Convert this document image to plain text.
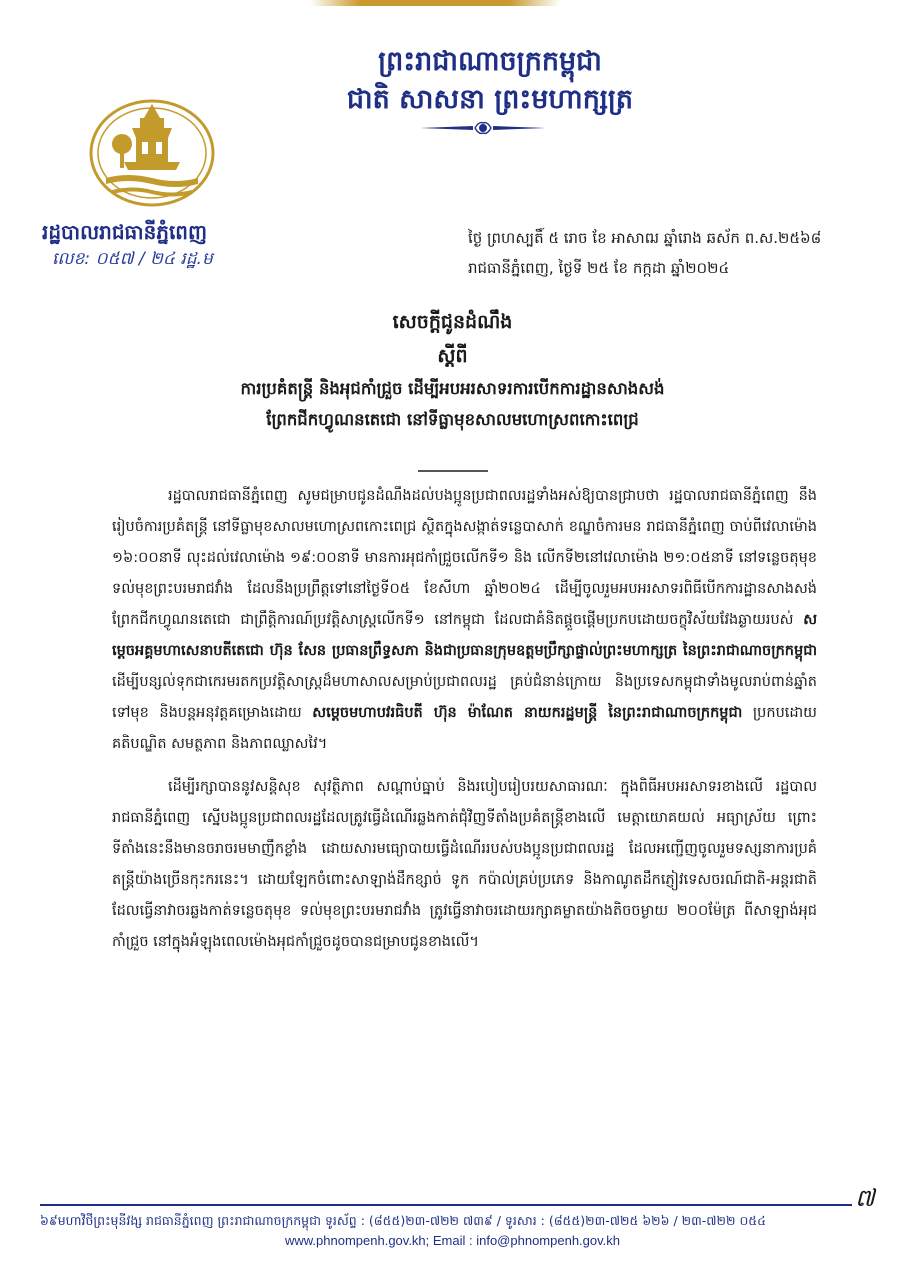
ព្រះរាជាណាចក្រកម្ពុជា
ជាតិ សាសនា ព្រះមហាក្សត្រ
រដ្ឋបាលរាជធានីភ្នំពេញ
លេខ: ០៥៧ / ២៤ រដ្ឋ.ម
ថ្ងៃ ព្រហស្បតិ៍ ៥ រោច ខែ អាសាឍ ឆ្នាំរោង ឆស័ក ព.ស.២៥៦៨
រាជធានីភ្នំពេញ, ថ្ងៃទី ២៥ ខែ កក្កដា ឆ្នាំ២០២៤
សេចក្តីជូនដំណឹង
ស្តីពី
ការប្រគំតន្ត្រី និងអុជកាំជ្រួច ដើម្បីអបអរសាទរការបើកការដ្ឋានសាងសង់
ព្រែកជីកហ្វូណនតេជោ នៅទីធ្លាមុខសាលមហោស្រពកោះពេជ្រ

រដ្ឋបាលរាជធានីភ្នំពេញ សូមជម្រាបជូនដំណឹងដល់បងប្អូនប្រជាពលរដ្ឋទាំងអស់ឱ្យបានជ្រាបថា រដ្ឋបាលរាជធានីភ្នំពេញ នឹងរៀបចំការប្រគំតន្ត្រី នៅទីធ្លាមុខសាលមហោស្រពកោះពេជ្រ ស្ថិតក្នុងសង្កាត់ទន្លេបាសាក់ ខណ្ឌចំការមន រាជធានីភ្នំពេញ ចាប់ពីវេលាម៉ោង ១៦:០០នាទី លុះដល់វេលាម៉ោង ១៩:០០នាទី មានការអុជកាំជ្រួចលើកទី១ និង លើកទី២នៅវេលាម៉ោង ២១:០៥នាទី នៅទន្លេចតុមុខ ទល់មុខព្រះបរមរាជវាំង ដែលនឹងប្រព្រឹត្តទៅនៅថ្ងៃទី០៥ ខែសីហា ឆ្នាំ២០២៤ ដើម្បីចូលរួមអបអរសាទរពិធីបើកការដ្ឋានសាងសង់ព្រែកជីកហ្វូណនតេជោ ជាព្រឹត្តិការណ៍ប្រវត្តិសាស្ត្រលើកទី១ នៅកម្ពុជា ដែលជាគំនិតផ្តួចផ្តើមប្រកបដោយចក្ខុវិស័យវែងឆ្ងាយរបស់ សម្តេចអគ្គមហាសេនាបតីតេជោ ហ៊ុន សែន ប្រធានព្រឹទ្ធសភា និងជាប្រធានក្រុមឧត្តមប្រឹក្សាផ្ទាល់ព្រះមហាក្សត្រ នៃព្រះរាជាណាចក្រកម្ពុជា ដើម្បីបន្សល់ទុកជាកេរមរតកប្រវត្តិសាស្ត្រដ៏មហាសាលសម្រាប់ប្រជាពលរដ្ឋ គ្រប់ជំនាន់ក្រោយ និងប្រទេសកម្ពុជាទាំងមូលរាប់ពាន់ឆ្នាំតទៅមុខ និងបន្តអនុវត្តគម្រោងដោយ សម្តេចមហាបវរធិបតី ហ៊ុន ម៉ាណែត នាយករដ្ឋមន្ត្រី នៃព្រះរាជាណាចក្រកម្ពុជា ប្រកបដោយគតិបណ្ឌិត សមត្ថភាព និងភាពឈ្លាសវៃ។

ដើម្បីរក្សាបាននូវសន្តិសុខ សុវត្ថិភាព សណ្តាប់ធ្នាប់ និងរបៀបរៀបរយសាធារណៈ ក្នុងពិធីអបអរសាទរខាងលើ រដ្ឋបាលរាជធានីភ្នំពេញ ស្នើបងប្អូនប្រជាពលរដ្ឋដែលត្រូវធ្វើដំណើរឆ្លងកាត់ជុំវិញទីតាំងប្រគំតន្ត្រីខាងលើ មេត្តាយោគយល់ អធ្យាស្រ័យ ព្រោះទីតាំងនេះនឹងមានចរាចរមមាញឹកខ្លាំង ដោយសារមធ្យោបាយធ្វើដំណើររបស់បងប្អូនប្រជាពលរដ្ឋ ដែលអញ្ជើញចូលរួមទស្សនាការប្រគំតន្ត្រីយ៉ាងច្រើនកុះករនេះ។ ដោយឡែកចំពោះសាឡាង់ដឹកខ្សាច់ ទូក កប៉ាល់គ្រប់ប្រភេទ និងកាណូតដឹកភ្ញៀវទេសចរណ៍ជាតិ-អន្តរជាតិ ដែលធ្វើនាវាចរឆ្លងកាត់ទន្លេចតុមុខ ទល់មុខព្រះបរមរាជវាំង ត្រូវធ្វើនាវាចរដោយរក្សាគម្លាតយ៉ាងតិចចម្ងាយ ២០០ម៉ែត្រ ពីសាឡាង់អុជកាំជ្រួច នៅក្នុងអំឡុងពេលម៉ោងអុជកាំជ្រួចដូចបានជម្រាបជូនខាងលើ។

៧
៦៩មហាវិថីព្រះមុនីវង្ស រាជធានីភ្នំពេញ ព្រះរាជាណាចក្រកម្ពុជា ទូរស័ព្ទ : (៨៥៥)២៣-៧២២ ៧៣៩ / ទូរសារ : (៨៥៥)២៣-៧២៥ ៦២៦ / ២៣-៧២២ ០៥៤
www.phnompenh.gov.kh; Email : info@phnompenh.gov.kh
